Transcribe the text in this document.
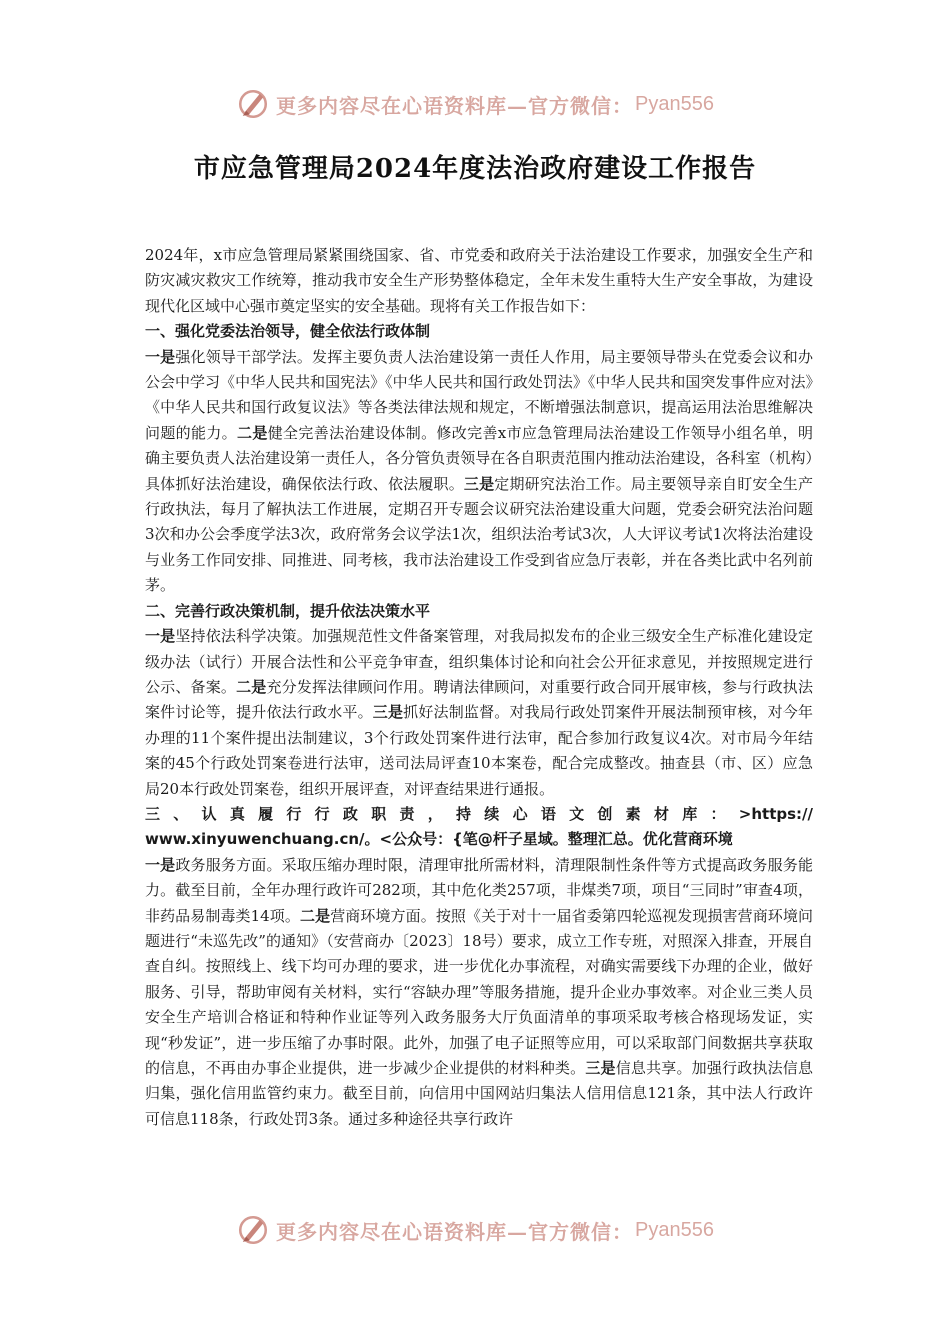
更多内容尽在心语资料库—官方微信： Pyan556
市应急管理局2024年度法治政府建设工作报告

2024年，x市应急管理局紧紧围绕国家、省、市党委和政府关于法治建设工作要求，加强安全生产和防灾减灾救灾工作统筹，推动我市安全生产形势整体稳定，全年未发生重特大生产安全事故，为建设现代化区域中心强市奠定坚实的安全基础。现将有关工作报告如下：

一、强化党委法治领导，健全依法行政体制

一是强化领导干部学法。发挥主要负责人法治建设第一责任人作用，局主要领导带头在党委会议和办公会中学习《中华人民共和国宪法》《中华人民共和国行政处罚法》《中华人民共和国突发事件应对法》《中华人民共和国行政复议法》等各类法律法规和规定，不断增强法制意识，提高运用法治思维解决问题的能力。二是健全完善法治建设体制。修改完善x市应急管理局法治建设工作领导小组名单，明确主要负责人法治建设第一责任人，各分管负责领导在各自职责范围内推动法治建设，各科室（机构）具体抓好法治建设，确保依法行政、依法履职。三是定期研究法治工作。局主要领导亲自盯安全生产行政执法，每月了解执法工作进展，定期召开专题会议研究法治建设重大问题，党委会研究法治问题3次和办公会季度学法3次，政府常务会议学法1次，组织法治考试3次，人大评议考试1次将法治建设与业务工作同安排、同推进、同考核，我市法治建设工作受到省应急厅表彰，并在各类比武中名列前茅。

二、完善行政决策机制，提升依法决策水平

一是坚持依法科学决策。加强规范性文件备案管理，对我局拟发布的企业三级安全生产标准化建设定级办法（试行）开展合法性和公平竞争审查，组织集体讨论和向社会公开征求意见，并按照规定进行公示、备案。二是充分发挥法律顾问作用。聘请法律顾问，对重要行政合同开展审核，参与行政执法案件讨论等，提升依法行政水平。三是抓好法制监督。对我局行政处罚案件开展法制预审核，对今年办理的11个案件提出法制建议，3个行政处罚案件进行法审，配合参加行政复议4次。对市局今年结案的45个行政处罚案卷进行法审，送司法局评查10本案卷，配合完成整改。抽查县（市、区）应急局20本行政处罚案卷，组织开展评查，对评查结果进行通报。

三、认真履行行政职责，持续心语文创素材库：>https://
www.xinyuwenchuang.cn/。<公众号：{笔@杆子星域。整理汇总。优化营商环境

一是政务服务方面。采取压缩办理时限，清理审批所需材料，清理限制性条件等方式提高政务服务能力。截至目前，全年办理行政许可282项，其中危化类257项，非煤类7项，项目“三同时”审查4项，非药品易制毒类14项。二是营商环境方面。按照《关于对十一届省委第四轮巡视发现损害营商环境问题进行“未巡先改”的通知》（安营商办〔2023〕18号）要求，成立工作专班，对照深入排查，开展自查自纠。按照线上、线下均可办理的要求，进一步优化办事流程，对确实需要线下办理的企业，做好服务、引导，帮助审阅有关材料，实行“容缺办理”等服务措施，提升企业办事效率。对企业三类人员安全生产培训合格证和特种作业证等列入政务服务大厅负面清单的事项采取考核合格现场发证，实现“秒发证”，进一步压缩了办事时限。此外，加强了电子证照等应用，可以采取部门间数据共享获取的信息，不再由办事企业提供，进一步减少企业提供的材料种类。三是信息共享。加强行政执法信息归集，强化信用监管约束力。截至目前，向信用中国网站归集法人信用信息121条，其中法人行政许可信息118条，行政处罚3条。通过多种途径共享行政许

更多内容尽在心语资料库—官方微信： Pyan556
